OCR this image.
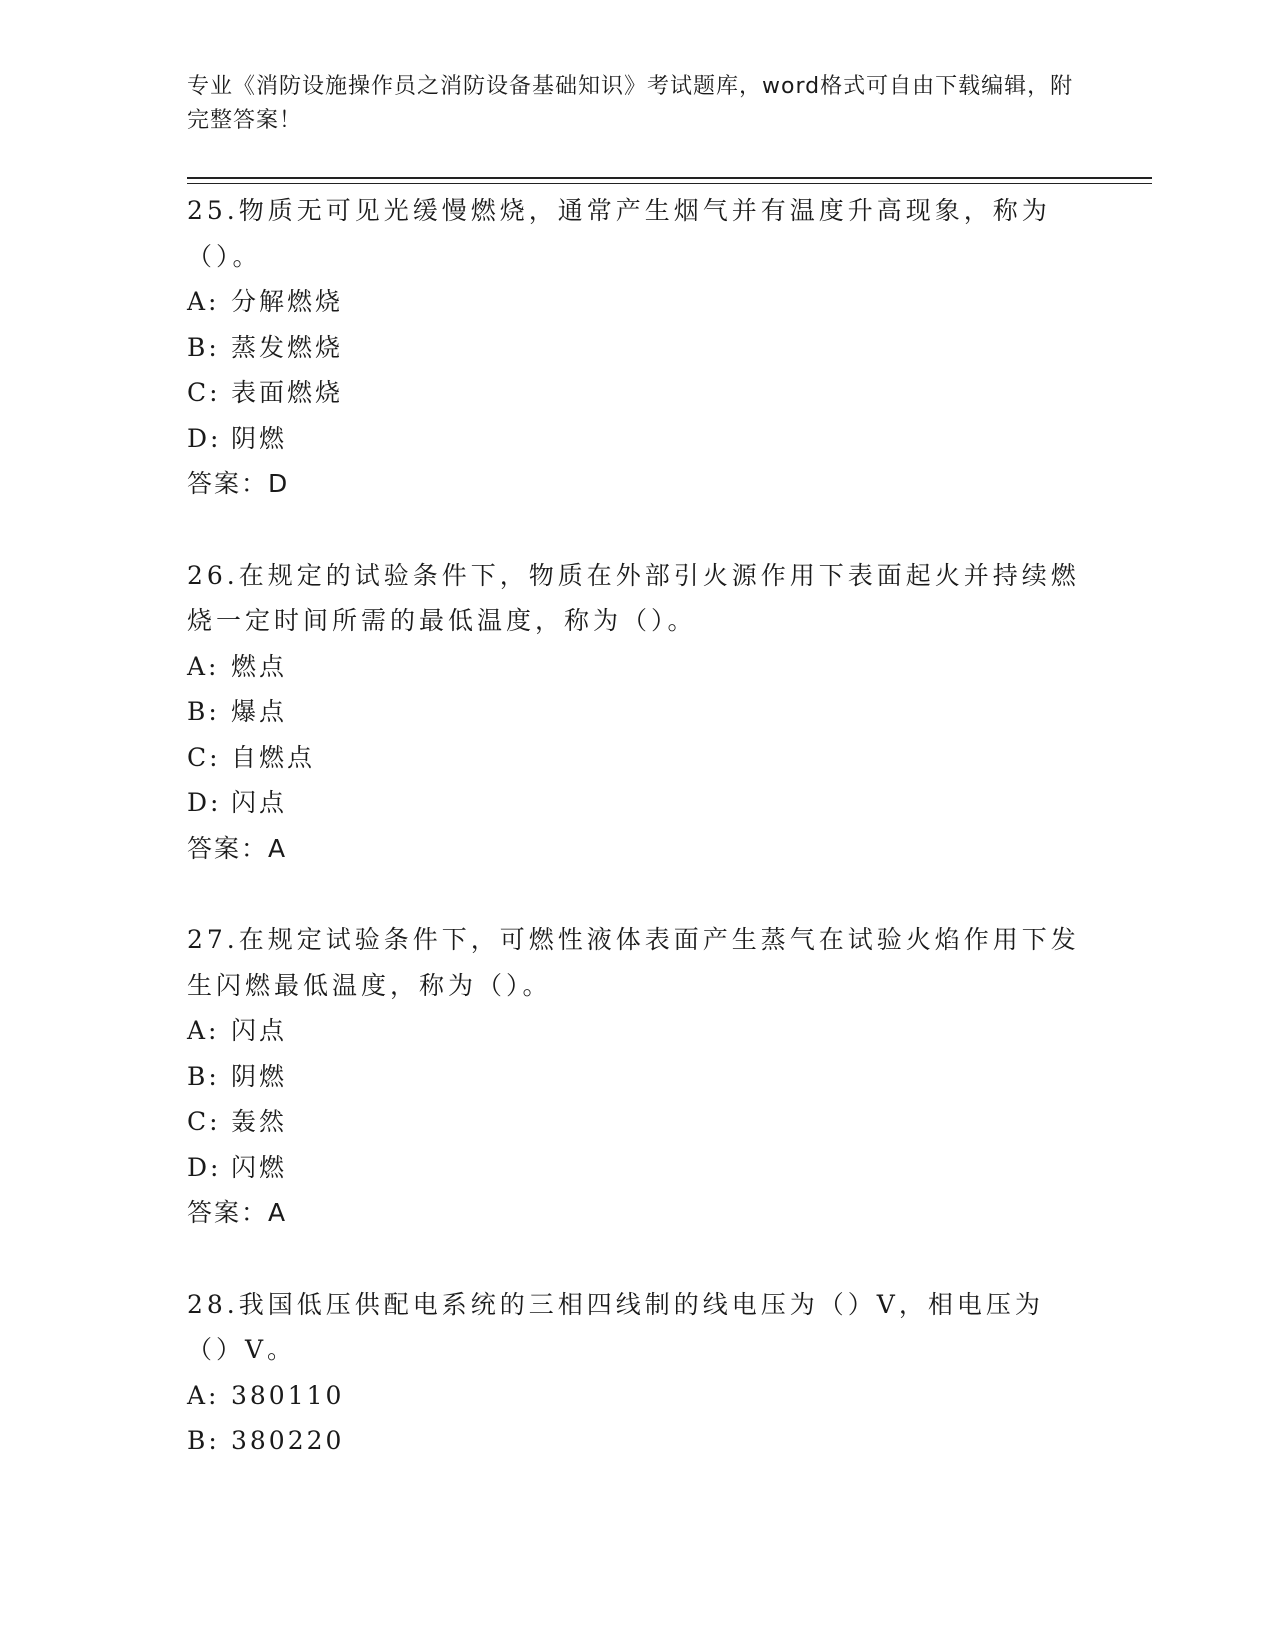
专业《消防设施操作员之消防设备基础知识》考试题库，word格式可自由下载编辑，附完整答案！

25.物质无可见光缓慢燃烧，通常产生烟气并有温度升高现象，称为（）。

A: 分解燃烧

B: 蒸发燃烧

C: 表面燃烧

D: 阴燃

答案：D

26.在规定的试验条件下，物质在外部引火源作用下表面起火并持续燃烧一定时间所需的最低温度，称为（）。

A: 燃点

B: 爆点

C: 自燃点

D: 闪点

答案：A

27.在规定试验条件下，可燃性液体表面产生蒸气在试验火焰作用下发生闪燃最低温度，称为（）。

A: 闪点

B: 阴燃

C: 轰然

D: 闪燃

答案：A

28.我国低压供配电系统的三相四线制的线电压为（）V，相电压为（）V。

A: 380110

B: 380220
